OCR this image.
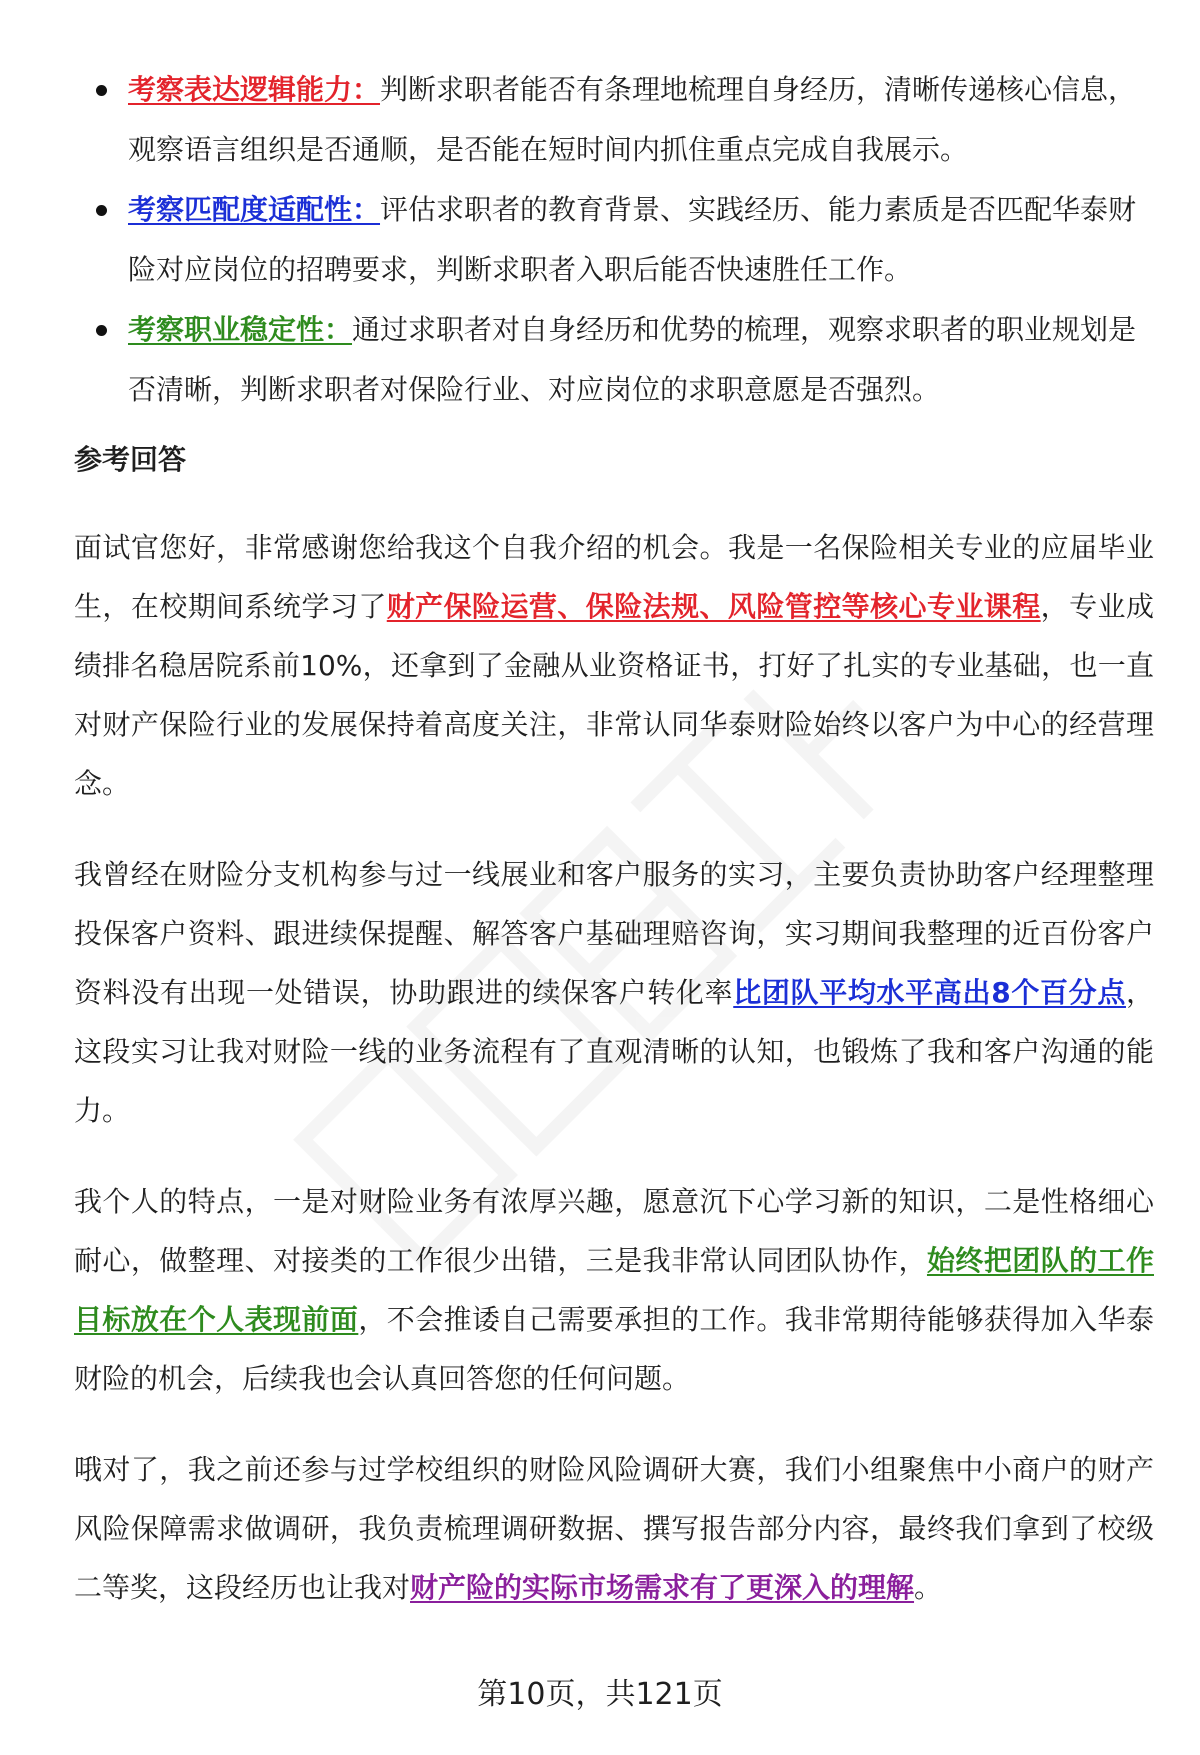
考察表达逻辑能力：判断求职者能否有条理地梳理自身经历，清晰传递核心信息，观察语言组织是否通顺，是否能在短时间内抓住重点完成自我展示。
考察匹配度适配性：评估求职者的教育背景、实践经历、能力素质是否匹配华泰财险对应岗位的招聘要求，判断求职者入职后能否快速胜任工作。
考察职业稳定性：通过求职者对自身经历和优势的梳理，观察求职者的职业规划是否清晰，判断求职者对保险行业、对应岗位的求职意愿是否强烈。
参考回答

面试官您好，非常感谢您给我这个自我介绍的机会。我是一名保险相关专业的应届毕业生，在校期间系统学习了财产保险运营、保险法规、风险管控等核心专业课程，专业成绩排名稳居院系前10%，还拿到了金融从业资格证书，打好了扎实的专业基础，也一直对财产保险行业的发展保持着高度关注，非常认同华泰财险始终以客户为中心的经营理念。

我曾经在财险分支机构参与过一线展业和客户服务的实习，主要负责协助客户经理整理投保客户资料、跟进续保提醒、解答客户基础理赔咨询，实习期间我整理的近百份客户资料没有出现一处错误，协助跟进的续保客户转化率比团队平均水平高出8个百分点，这段实习让我对财险一线的业务流程有了直观清晰的认知，也锻炼了我和客户沟通的能力。

我个人的特点，一是对财险业务有浓厚兴趣，愿意沉下心学习新的知识，二是性格细心耐心，做整理、对接类的工作很少出错，三是我非常认同团队协作，始终把团队的工作目标放在个人表现前面，不会推诿自己需要承担的工作。我非常期待能够获得加入华泰财险的机会，后续我也会认真回答您的任何问题。

哦对了，我之前还参与过学校组织的财险风险调研大赛，我们小组聚焦中小商户的财产风险保障需求做调研，我负责梳理调研数据、撰写报告部分内容，最终我们拿到了校级二等奖，这段经历也让我对财产险的实际市场需求有了更深入的理解。

第10页，共121页
